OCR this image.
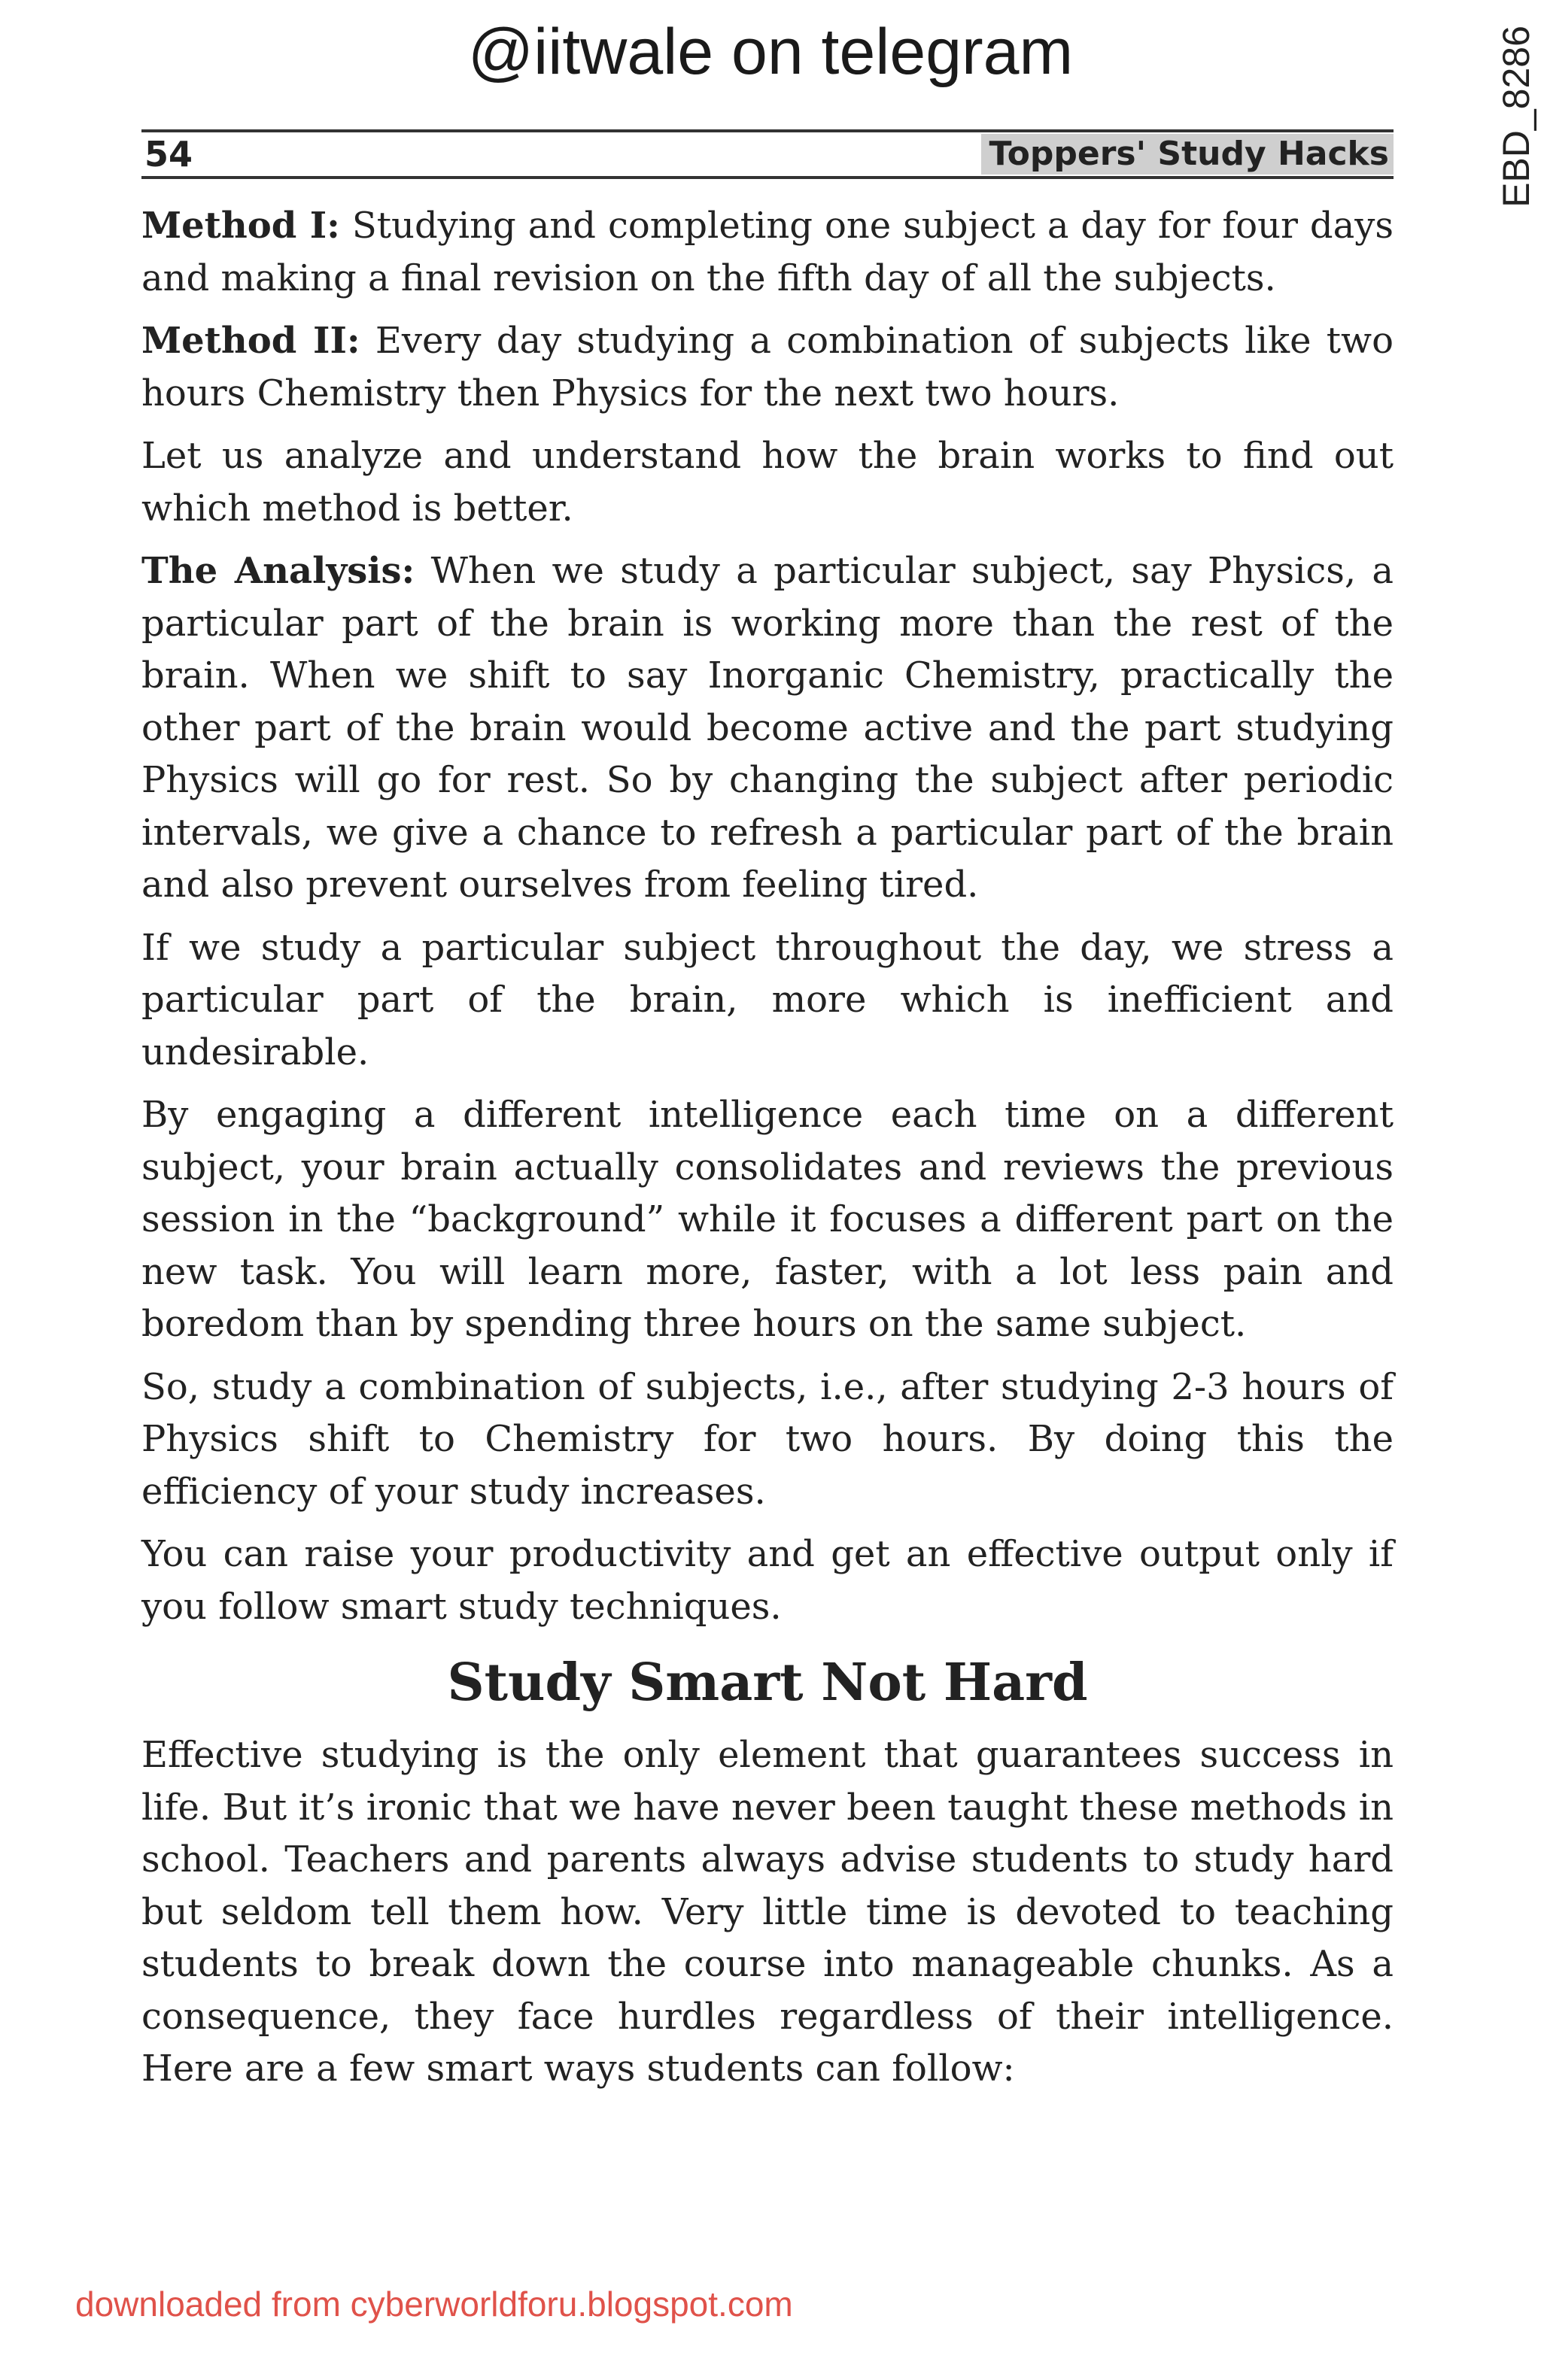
@iitwale on telegram	EBD_8286
54	Toppers' Study Hacks

Method I: Studying and completing one subject a day for four days and making a final revision on the fifth day of all the subjects.

Method II: Every day studying a combination of subjects like two hours Chemistry then Physics for the next two hours.

Let us analyze and understand how the brain works to find out which method is better.

The Analysis: When we study a particular subject, say Physics, a particular part of the brain is working more than the rest of the brain. When we shift to say Inorganic Chemistry, practically the other part of the brain would become active and the part studying Physics will go for rest. So by changing the subject after periodic intervals, we give a chance to refresh a particular part of the brain and also prevent ourselves from feeling tired.

If we study a particular subject throughout the day, we stress a particular part of the brain, more which is inefficient and undesirable.

By engaging a different intelligence each time on a different subject, your brain actually consolidates and reviews the previous session in the “background” while it focuses a different part on the new task. You will learn more, faster, with a lot less pain and boredom than by spending three hours on the same subject.

So, study a combination of subjects, i.e., after studying 2-3 hours of Physics shift to Chemistry for two hours. By doing this the efficiency of your study increases.

You can raise your productivity and get an effective output only if you follow smart study techniques.

Study Smart Not Hard

Effective studying is the only element that guarantees success in life. But it’s ironic that we have never been taught these methods in school. Teachers and parents always advise students to study hard but seldom tell them how. Very little time is devoted to teaching students to break down the course into manageable chunks. As a consequence, they face hurdles regardless of their intelligence. Here are a few smart ways students can follow:

downloaded from cyberworldforu.blogspot.com
